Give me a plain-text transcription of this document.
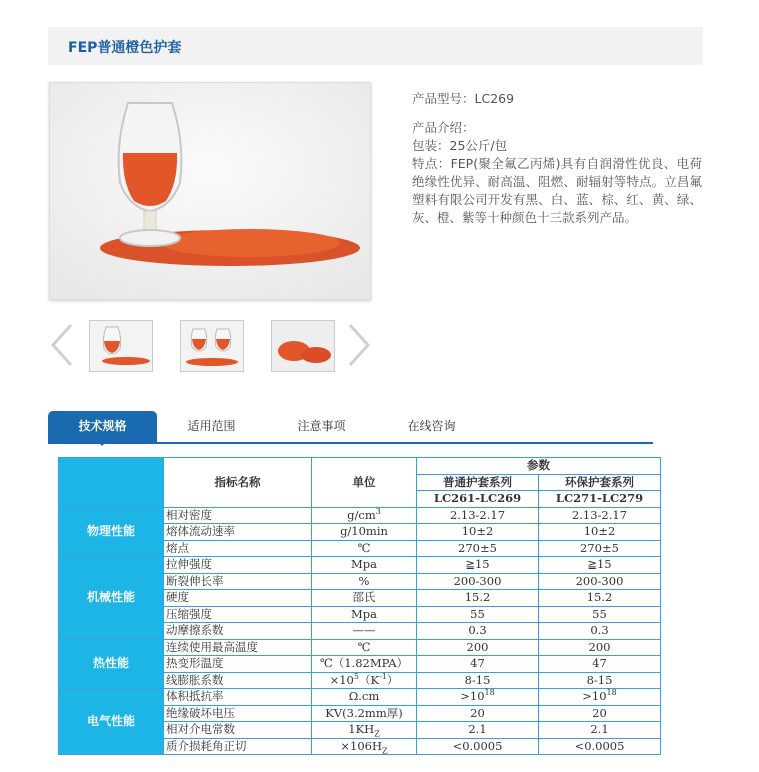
FEP普通橙色护套
产品型号：LC269
产品介绍：
包装：25公斤/包
特点：FEP(聚全氟乙丙烯)具有自润滑性优良、电荷绝缘性优异、耐高温、阻燃、耐辐射等特点。立昌氟塑料有限公司开发有黑、白、蓝、棕、红、黄、绿、灰、橙、紫等十种颜色十三款系列产品。
技术规格	适用范围	注意事项	在线咨询
	指标名称	单位	参数	
			普通护套系列	环保护套系列
			LC261-LC269	LC271-LC279
物理性能	相对密度	$g/cm^3$	2.13-2.17	2.13-2.17
	熔体流动速率	g/10min	10±2	10±2
	熔点	℃	270±5	270±5
机械性能	拉伸强度	Mpa	≧15	≧15
	断裂伸长率	%	200-300	200-300
	硬度	邵氏	15.2	15.2
	压缩强度	Mpa	55	55
	动摩擦系数	——	0.3	0.3
热性能	连续使用最高温度	℃	200	200
	热变形温度	℃（1.82MPA）	47	47
	线膨胀系数	$\times 10^5(K^{-1})$	8-15	8-15
电气性能	体积抵抗率	Ω.cm	$>10^{18}$	$>10^{18}$
	绝缘破坏电压	KV(3.2mm厚)	20	20
	相对介电常数	$1KH_Z$	2.1	2.1
	质介损耗角正切	$\times 106H_Z$	<0.0005	<0.0005
